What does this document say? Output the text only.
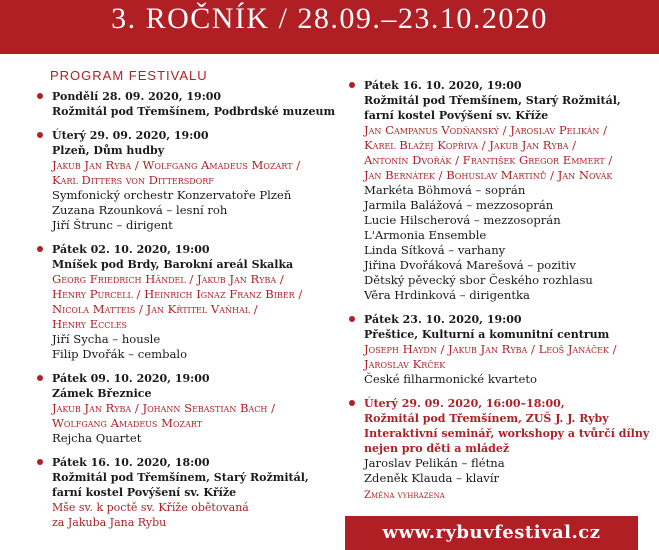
3. ROČNÍK / 28.09.–23.10.2020
PROGRAM FESTIVALU
Pondělí 28. 09. 2020, 19:00
Rožmitál pod Třemšínem, Podbrdské muzeum
Úterý 29. 09. 2020, 19:00
Plzeň, Dům hudby
Jakub Jan Ryba / Wolfgang Amadeus Mozart /
Karl Ditters von Dittersdorf
Symfonický orchestr Konzervatoře Plzeň
Zuzana Rzounková – lesní roh
Jiří Štrunc – dirigent
Pátek 02. 10. 2020, 19:00
Mníšek pod Brdy, Barokní areál Skalka
Georg Friedrich Händel / Jakub Jan Ryba /
Henry Purcell / Heinrich Ignaz Franz Biber /
Nicola Matteis / Jan Křtitel Vaňhal /
Henry Eccles
Jiří Sycha – housle
Filip Dvořák – cembalo
Pátek 09. 10. 2020, 19:00
Zámek Březnice
Jakub Jan Ryba / Johann Sebastian Bach /
Wolfgang Amadeus Mozart
Rejcha Quartet
Pátek 16. 10. 2020, 18:00
Rožmitál pod Třemšínem, Starý Rožmitál,
farní kostel Povýšení sv. Kříže
Mše sv. k poctě sv. Kříže obětovaná
za Jakuba Jana Rybu
Pátek 16. 10. 2020, 19:00
Rožmitál pod Třemšínem, Starý Rožmitál,
farní kostel Povýšení sv. Kříže
Jan Campanus Vodňanský / Jaroslav Pelikán /
Karel Blažej Kopřiva / Jakub Jan Ryba /
Antonín Dvořák / František Gregor Emmert /
Jan Bernátek / Bohuslav Martinů / Jan Novák
Markéta Böhmová – soprán
Jarmila Balážová – mezzosoprán
Lucie Hilscherová – mezzosoprán
L'Armonia Ensemble
Linda Sítková – varhany
Jiřina Dvořáková Marešová – pozitiv
Dětský pěvecký sbor Českého rozhlasu
Věra Hrdinková – dirigentka
Pátek 23. 10. 2020, 19:00
Přeštice, Kulturní a komunitní centrum
Joseph Haydn / Jakub Jan Ryba / Leoš Janáček /
Jaroslav Krček
České filharmonické kvarteto
Úterý 29. 09. 2020, 16:00–18:00,
Rožmitál pod Třemšínem, ZUŠ J. J. Ryby
Interaktivní seminář, workshopy a tvůrčí dílny
nejen pro děti a mládež
Jaroslav Pelikán – flétna
Zdeněk Klauda – klavír
Změna vyhrazena
www.rybuvfestival.cz
